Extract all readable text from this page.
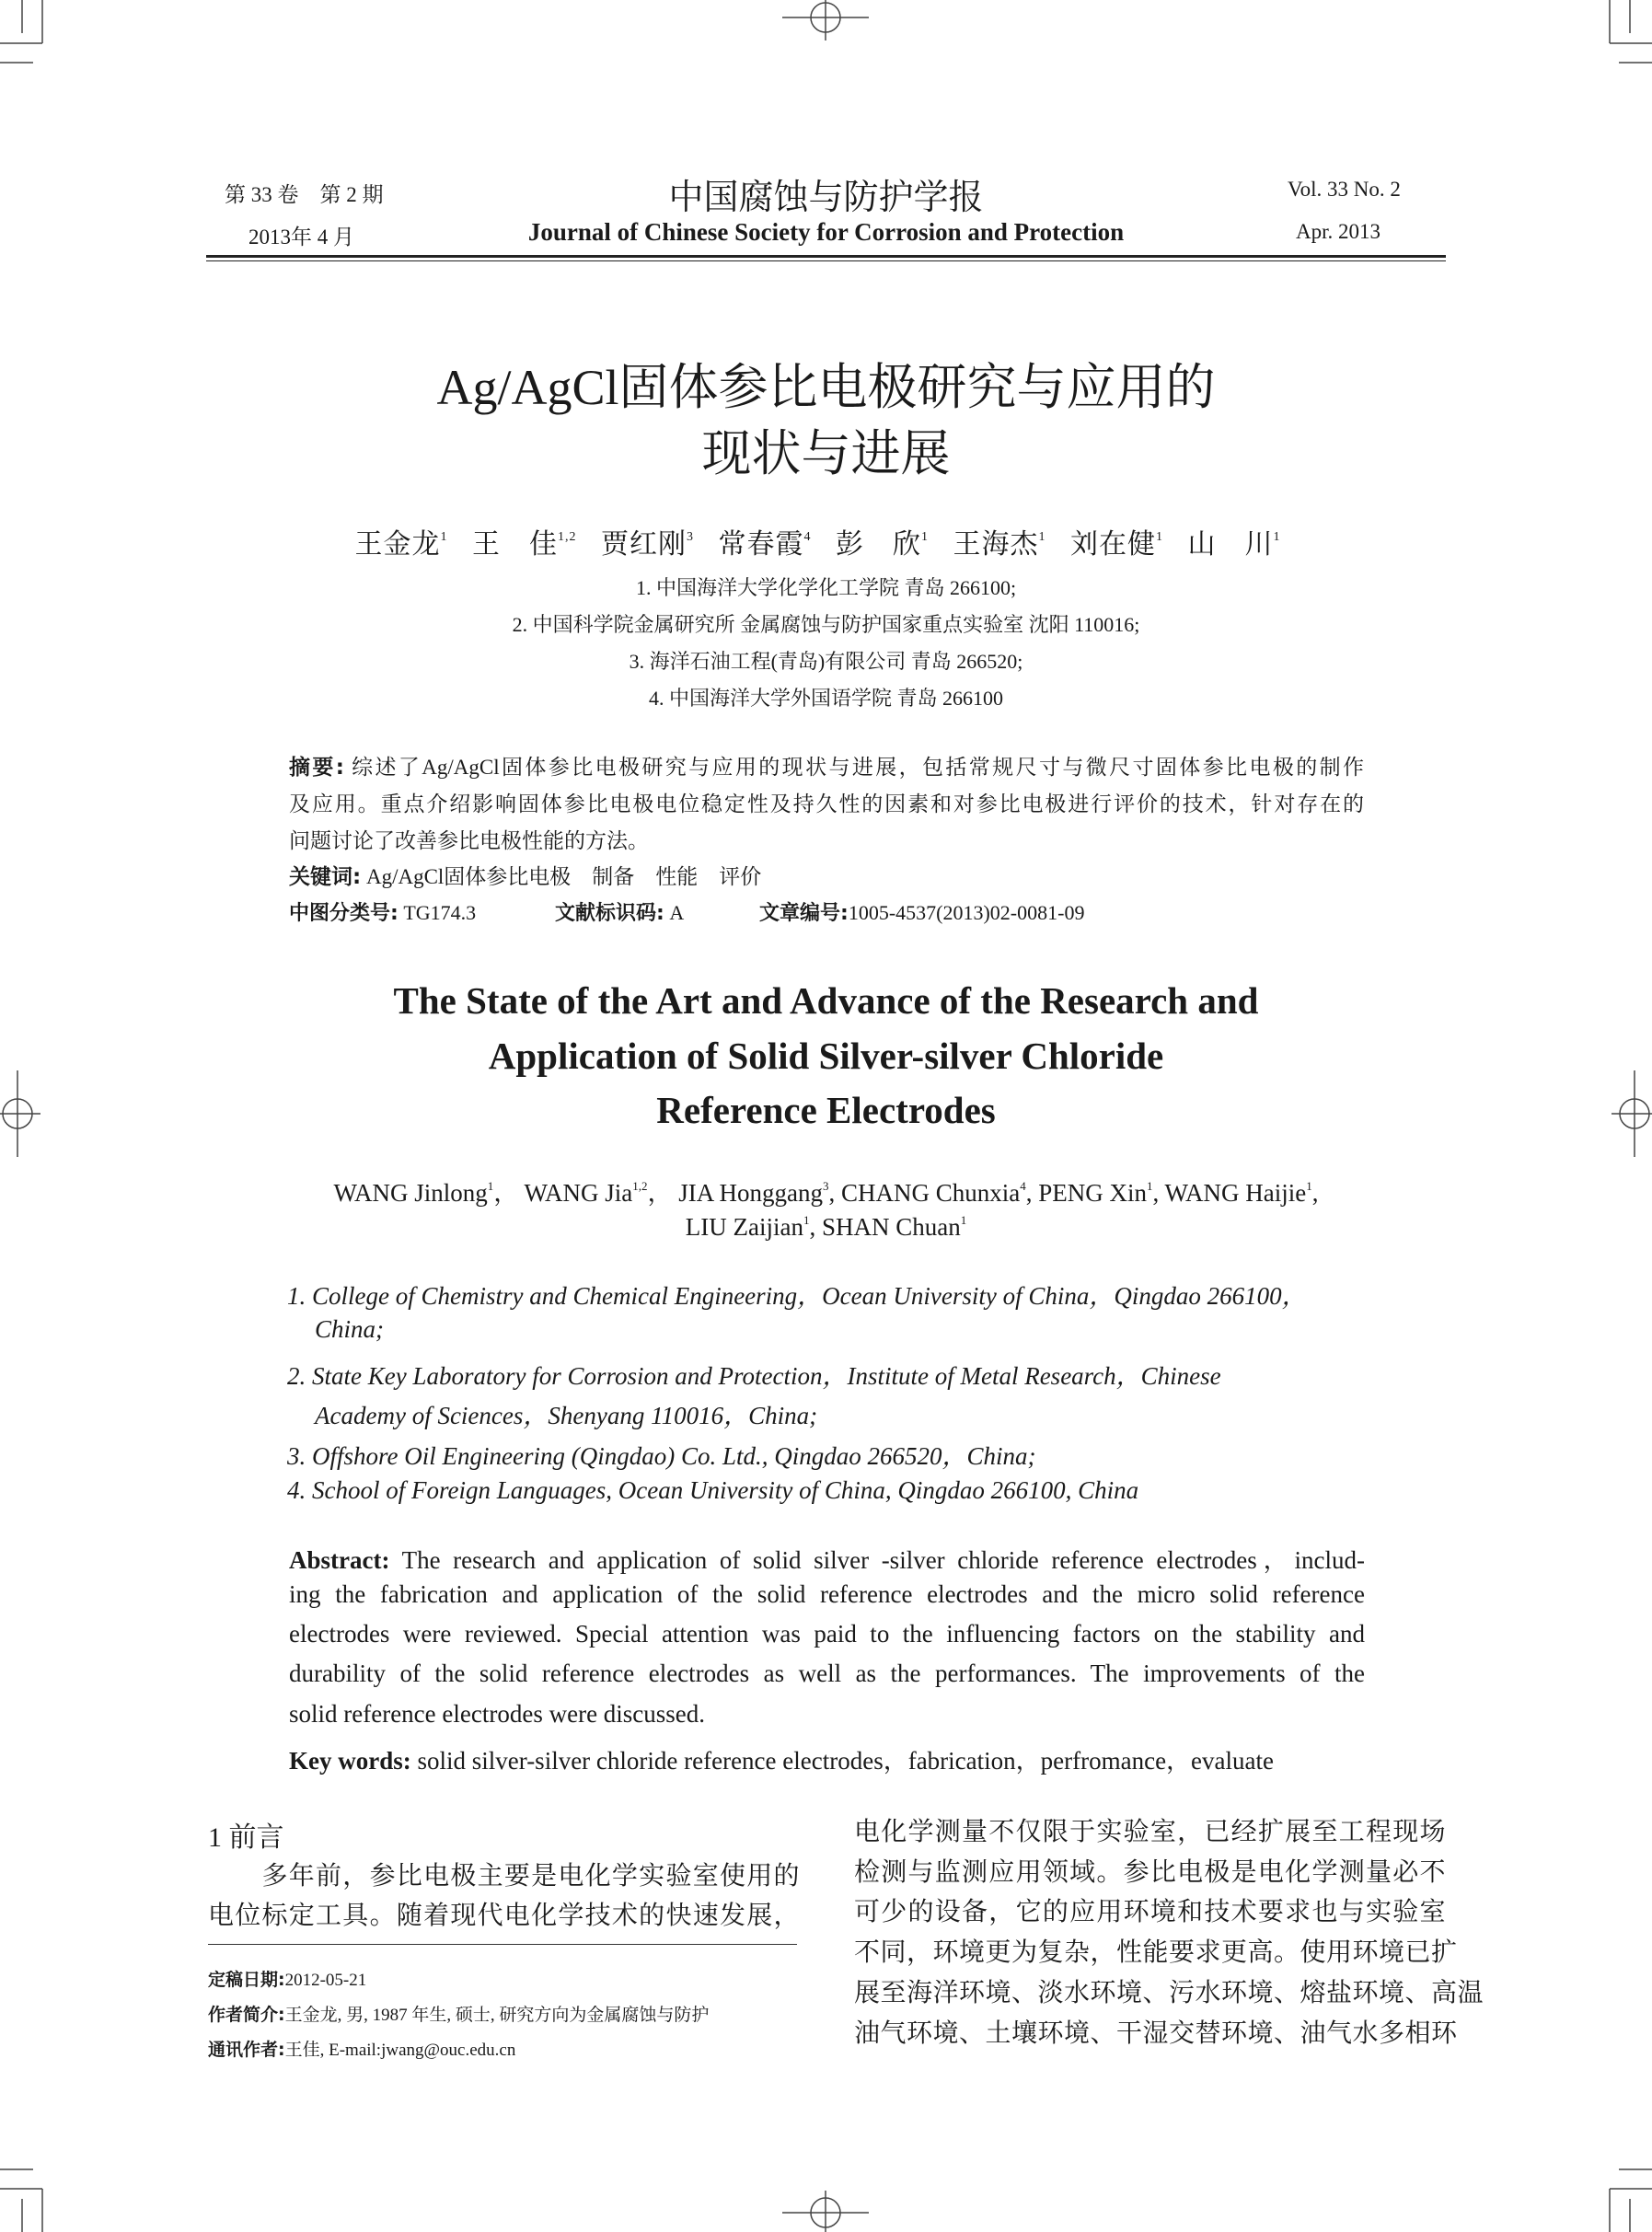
第 33 卷　第 2 期
2013年 4 月
中国腐蚀与防护学报
Journal of Chinese Society for Corrosion and Protection
Vol. 33 No. 2
Apr. 2013
Ag/AgCl固体参比电极研究与应用的
现状与进展
王金龙$^1$ 王　佳$^{1,2}$ 贾红刚$^3$ 常春霞$^4$ 彭　欣$^1$ 王海杰$^1$ 刘在健$^1$ 山　川$^1$
1. 中国海洋大学化学化工学院 青岛 266100;
2. 中国科学院金属研究所 金属腐蚀与防护国家重点实验室 沈阳 110016;
3. 海洋石油工程(青岛)有限公司 青岛 266520;
4. 中国海洋大学外国语学院 青岛 266100
摘要: 综述了Ag/AgCl固体参比电极研究与应用的现状与进展，包括常规尺寸与微尺寸固体参比电极的制作
及应用。重点介绍影响固体参比电极电位稳定性及持久性的因素和对参比电极进行评价的技术，针对存在的
问题讨论了改善参比电极性能的方法。
关键词: Ag/AgCl固体参比电极　制备　性能　评价
中图分类号: TG174.3	文献标识码: A	文章编号:1005-4537(2013)02-0081-09
The State of the Art and Advance of the Research and
Application of Solid Silver-silver Chloride
Reference Electrodes
WANG Jinlong$^1$， WANG Jia$^{1,2}$， JIA Honggang$^3$, CHANG Chunxia$^4$, PENG Xin$^1$, WANG Haijie$^1$,
LIU Zaijian$^1$, SHAN Chuan$^1$
1. College of Chemistry and Chemical Engineering，Ocean University of China，Qingdao 266100，
China;
2. State Key Laboratory for Corrosion and Protection，Institute of Metal Research，Chinese
Academy of Sciences，Shenyang 110016，China;
3. Offshore Oil Engineering (Qingdao) Co. Ltd., Qingdao 266520，China;
4. School of Foreign Languages, Ocean University of China, Qingdao 266100, China
Abstract: The research and application of solid silver -silver chloride reference electrodes，includ-
ing the fabrication and application of the solid reference electrodes and the micro solid reference
electrodes were reviewed. Special attention was paid to the influencing factors on the stability and
durability of the solid reference electrodes as well as the performances. The improvements of the
solid reference electrodes were discussed.
Key words: solid silver-silver chloride reference electrodes，fabrication，perfromance，evaluate
1 前言
　　多年前，参比电极主要是电化学实验室使用的
电位标定工具。随着现代电化学技术的快速发展，
电化学测量不仅限于实验室，已经扩展至工程现场
检测与监测应用领域。参比电极是电化学测量必不
可少的设备，它的应用环境和技术要求也与实验室
不同，环境更为复杂，性能要求更高。使用环境已扩
展至海洋环境、淡水环境、污水环境、熔盐环境、高温
油气环境、土壤环境、干湿交替环境、油气水多相环
定稿日期:2012-05-21
作者简介:王金龙, 男, 1987 年生, 硕士, 研究方向为金属腐蚀与防护
通讯作者:王佳, E-mail:jwang@ouc.edu.cn
